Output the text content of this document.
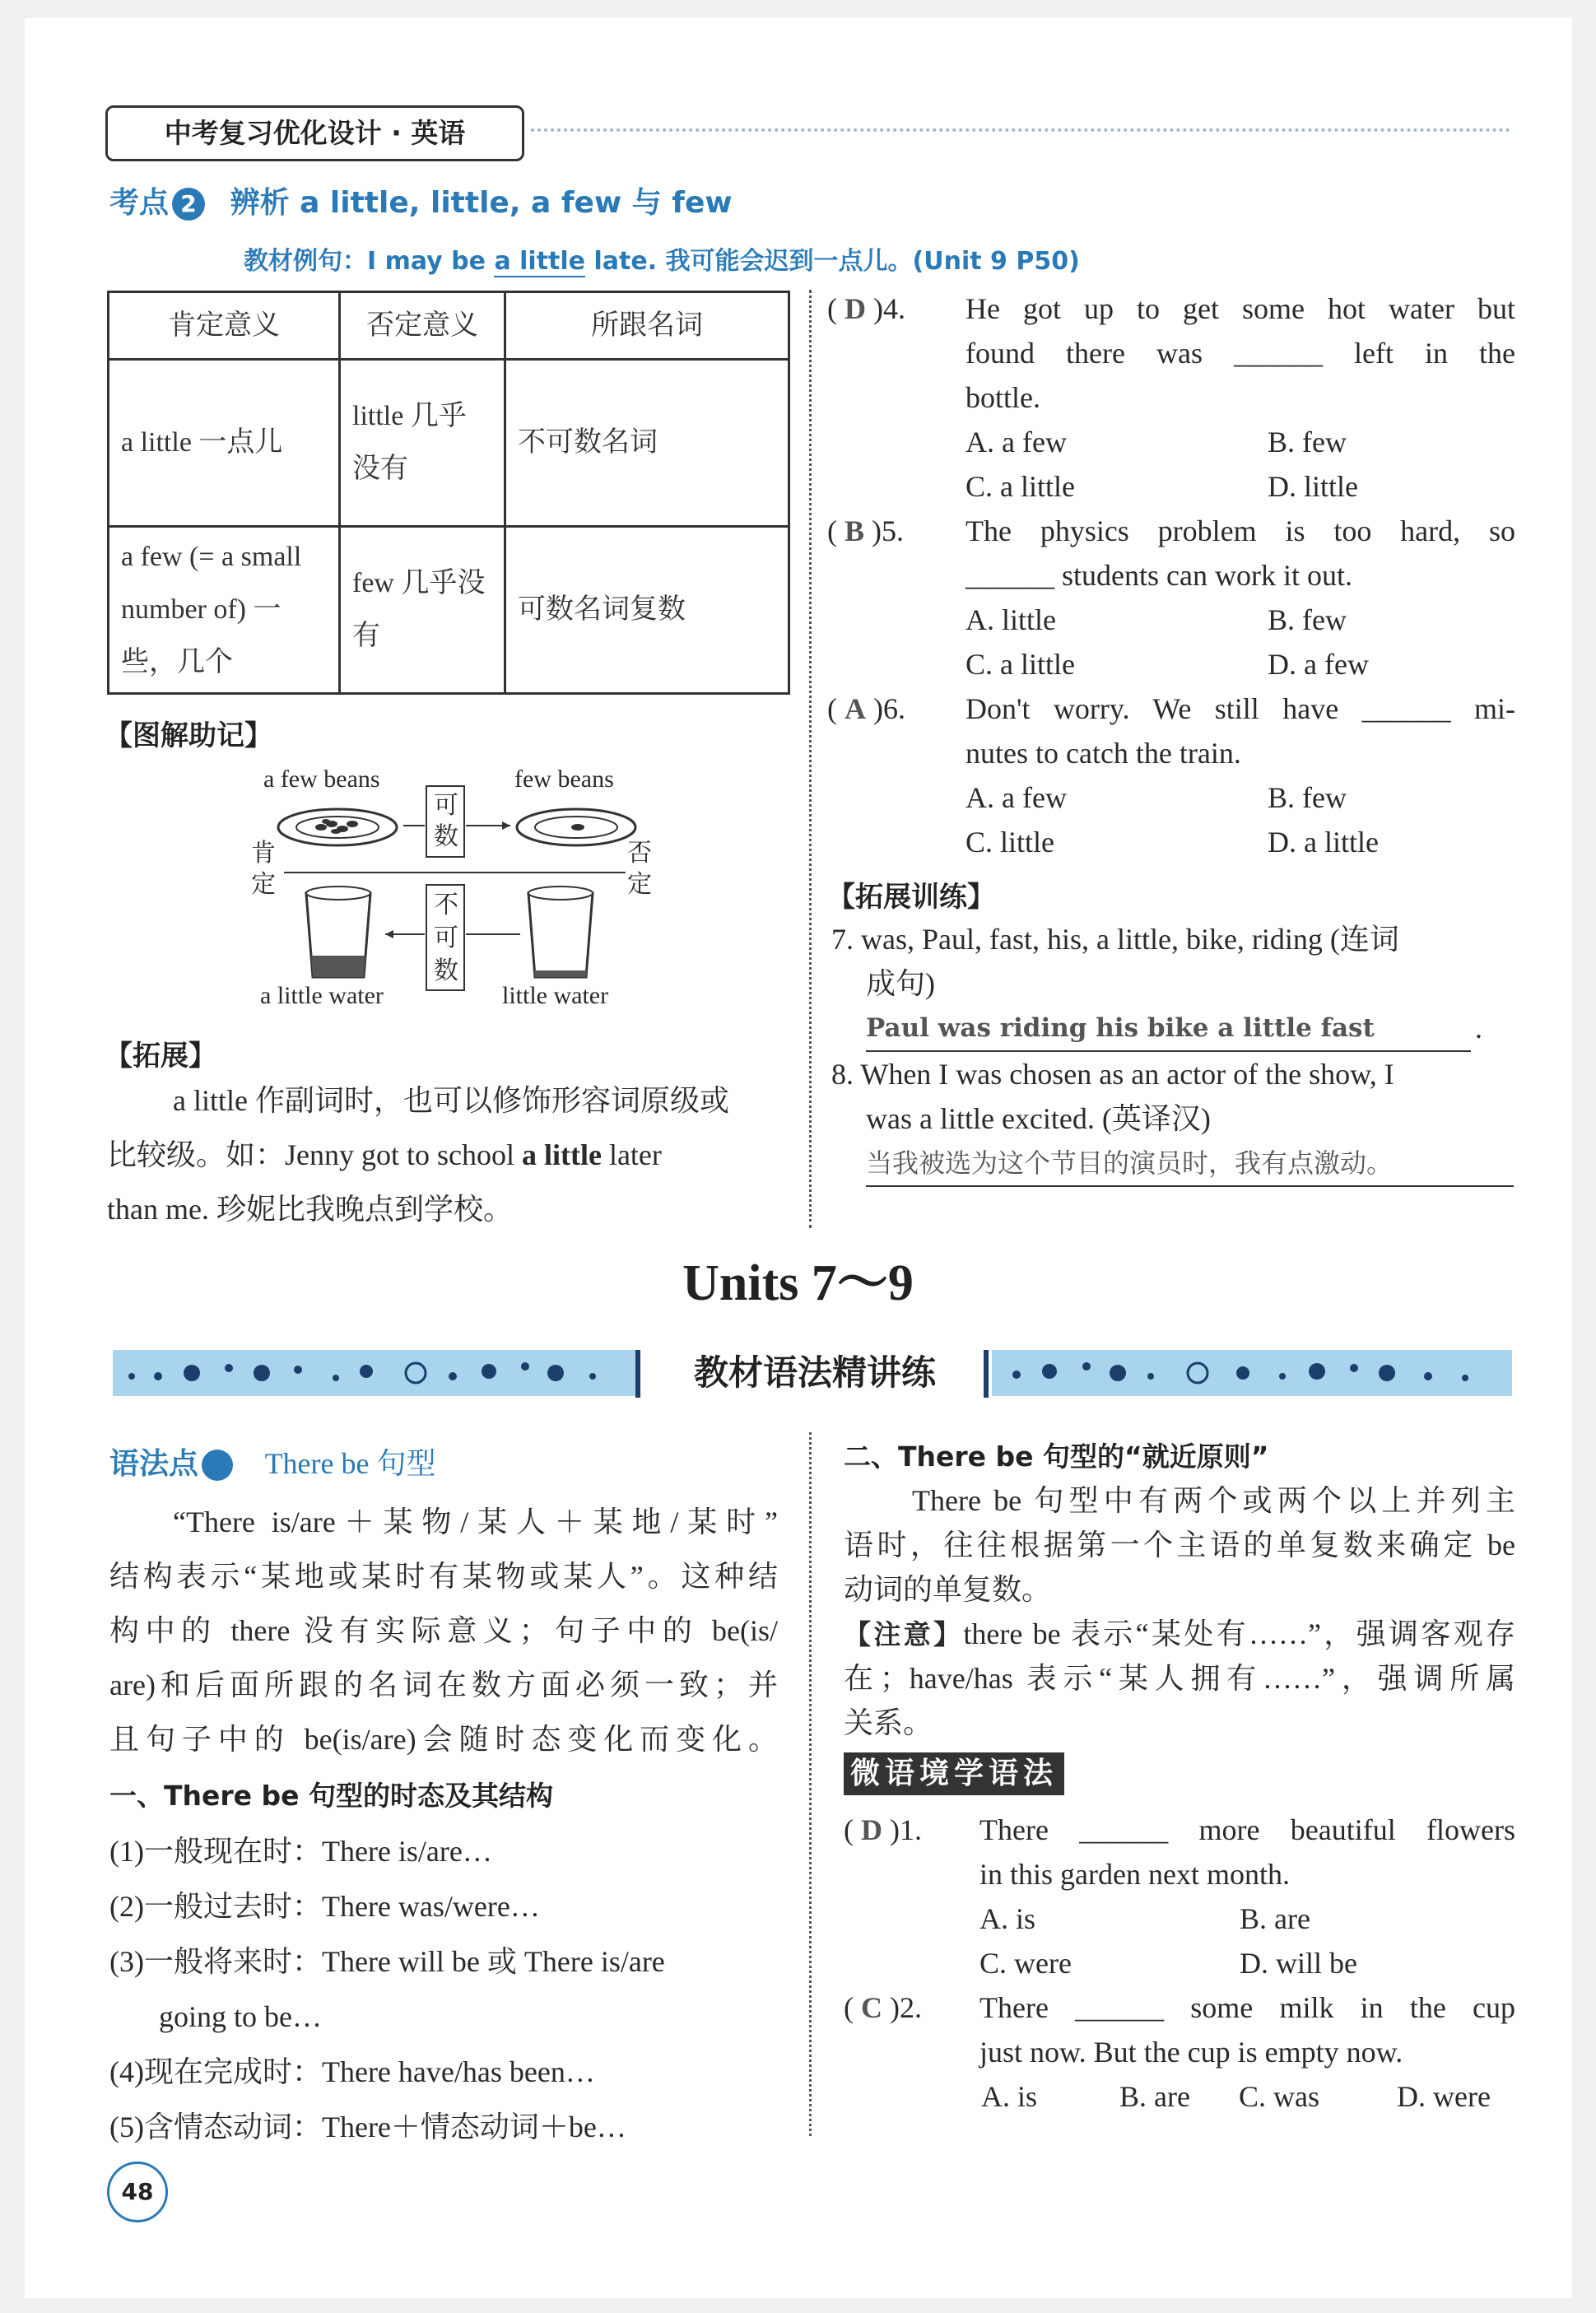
中考复习优化设计 · 英语
考点 2 辨析 a little, little, a few 与 few
教材例句：I may be a little late. 我可能会迟到一点儿。(Unit 9 P50)
肯定意义	否定意义	所跟名词
a little 一点儿	little 几乎没有	不可数名词
a few (= a small number of) 一些，几个	few 几乎没有	可数名词复数
【图解助记】
a few beans	few beans
可数
不可数
肯定
否定
a little water	little water
【拓展】
a little 作副词时，也可以修饰形容词原级或
比较级。如：Jenny got to school a little later
than me. 珍妮比我晚点到学校。
( D )4. He got up to get some hot water but
found there was ______ left in the
bottle.
A. a few	B. few
C. a little	D. little
( B )5. The physics problem is too hard, so
______ students can work it out.
A. little	B. few
C. a little	D. a few
( A )6. Don't worry. We still have ______ mi-
nutes to catch the train.
A. a few	B. few
C. little	D. a little
【拓展训练】
7. was, Paul, fast, his, a little, bike, riding (连词
成句)
Paul was riding his bike a little fast	.
8. When I was chosen as an actor of the show, I
was a little excited. (英译汉)
当我被选为这个节目的演员时，我有点激动。
Units 7～9
教材语法精讲练
语法点 There be 句型
“There is/are＋某物/某人＋某地/某时”
结构表示“某地或某时有某物或某人”。这种结
构中的 there 没有实际意义；句子中的 be(is/
are)和后面所跟的名词在数方面必须一致；并
且句子中的 be(is/are)会随时态变化而变化。
一、There be 句型的时态及其结构
(1)一般现在时：There is/are…
(2)一般过去时：There was/were…
(3)一般将来时：There will be 或 There is/are
going to be…
(4)现在完成时：There have/has been…
(5)含情态动词：There＋情态动词＋be…
二、There be 句型的“就近原则”
There be 句型中有两个或两个以上并列主
语时，往往根据第一个主语的单复数来确定 be
动词的单复数。
【注意】there be 表示“某处有……”，强调客观存
在；have/has 表示“某人拥有……”，强调所属
关系。
微语境学语法
( D )1. There ______ more beautiful flowers
in this garden next month.
A. is	B. are
C. were	D. will be
( C )2. There ______ some milk in the cup
just now. But the cup is empty now.
A. is	B. are C. was	D. were
48
